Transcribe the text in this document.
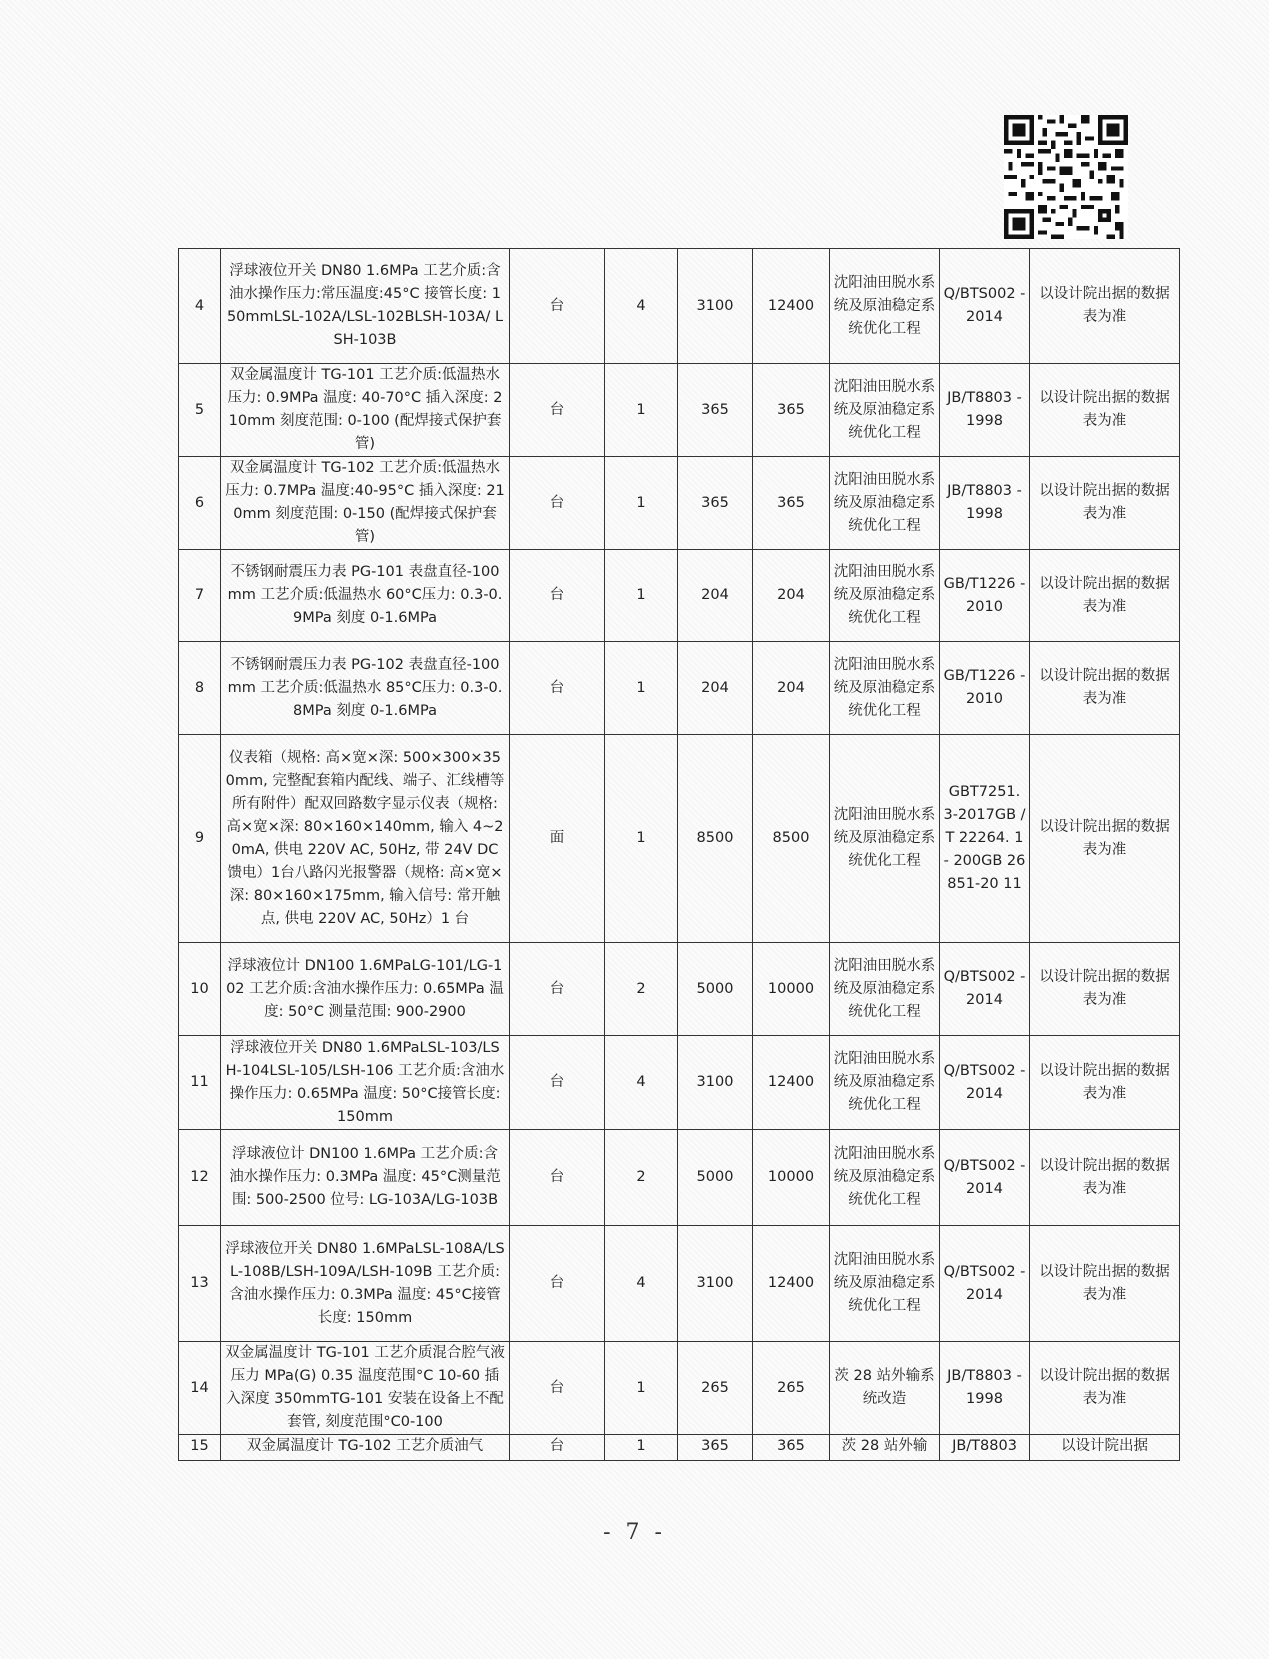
4	浮球液位开关 DN80 1.6MPa 工艺介质:含油水操作压力:常压温度:45°C 接管长度: 150mmLSL-102A/LSL-102BLSH-103A/ LSH-103B	台	4	3100	12400	沈阳油田脱水系统及原油稳定系统优化工程	Q/BTS002 -2014	以设计院出据的数据表为准
5	双金属温度计 TG-101 工艺介质:低温热水压力: 0.9MPa 温度: 40-70°C 插入深度: 210mm 刻度范围: 0-100 (配焊接式保护套管)	台	1	365	365	沈阳油田脱水系统及原油稳定系统优化工程	JB/T8803 -1998	以设计院出据的数据表为准
6	双金属温度计 TG-102 工艺介质:低温热水压力: 0.7MPa 温度:40-95°C 插入深度: 210mm 刻度范围: 0-150 (配焊接式保护套管)	台	1	365	365	沈阳油田脱水系统及原油稳定系统优化工程	JB/T8803 -1998	以设计院出据的数据表为准
7	不锈钢耐震压力表 PG-101 表盘直径-100mm 工艺介质:低温热水 60°C压力: 0.3-0.9MPa 刻度 0-1.6MPa	台	1	204	204	沈阳油田脱水系统及原油稳定系统优化工程	GB/T1226 -2010	以设计院出据的数据表为准
8	不锈钢耐震压力表 PG-102 表盘直径-100mm 工艺介质:低温热水 85°C压力: 0.3-0.8MPa 刻度 0-1.6MPa	台	1	204	204	沈阳油田脱水系统及原油稳定系统优化工程	GB/T1226 -2010	以设计院出据的数据表为准
9	仪表箱（规格: 高×宽×深: 500×300×350mm, 完整配套箱内配线、端子、汇线槽等所有附件）配双回路数字显示仪表（规格: 高×宽×深: 80×160×140mm, 输入 4~20mA, 供电 220V AC, 50Hz, 带 24V DC 馈电）1台八路闪光报警器（规格: 高×宽×深: 80×160×175mm, 输入信号: 常开触点, 供电 220V AC, 50Hz）1 台	面	1	8500	8500	沈阳油田脱水系统及原油稳定系统优化工程	GBT7251. 3-2017GB /T 22264. 1- 200GB 26851-20 11	以设计院出据的数据表为准
10	浮球液位计 DN100 1.6MPaLG-101/LG-102 工艺介质:含油水操作压力: 0.65MPa 温度: 50°C 测量范围: 900-2900	台	2	5000	10000	沈阳油田脱水系统及原油稳定系统优化工程	Q/BTS002 -2014	以设计院出据的数据表为准
11	浮球液位开关 DN80 1.6MPaLSL-103/LSH-104LSL-105/LSH-106 工艺介质:含油水操作压力: 0.65MPa 温度: 50°C接管长度: 150mm	台	4	3100	12400	沈阳油田脱水系统及原油稳定系统优化工程	Q/BTS002 -2014	以设计院出据的数据表为准
12	浮球液位计 DN100 1.6MPa 工艺介质:含油水操作压力: 0.3MPa 温度: 45°C测量范围: 500-2500 位号: LG-103A/LG-103B	台	2	5000	10000	沈阳油田脱水系统及原油稳定系统优化工程	Q/BTS002 -2014	以设计院出据的数据表为准
13	浮球液位开关 DN80 1.6MPaLSL-108A/LSL-108B/LSH-109A/LSH-109B 工艺介质:含油水操作压力: 0.3MPa 温度: 45°C接管长度: 150mm	台	4	3100	12400	沈阳油田脱水系统及原油稳定系统优化工程	Q/BTS002 -2014	以设计院出据的数据表为准
14	双金属温度计 TG-101 工艺介质混合腔气液压力 MPa(G) 0.35 温度范围°C 10-60 插入深度 350mmTG-101 安装在设备上不配套管, 刻度范围°C0-100	台	1	265	265	茨 28 站外输系统改造	JB/T8803 -1998	以设计院出据的数据表为准
15	双金属温度计 TG-102 工艺介质油气	台	1	365	365	茨 28 站外输	JB/T8803	以设计院出据
- 7 -
